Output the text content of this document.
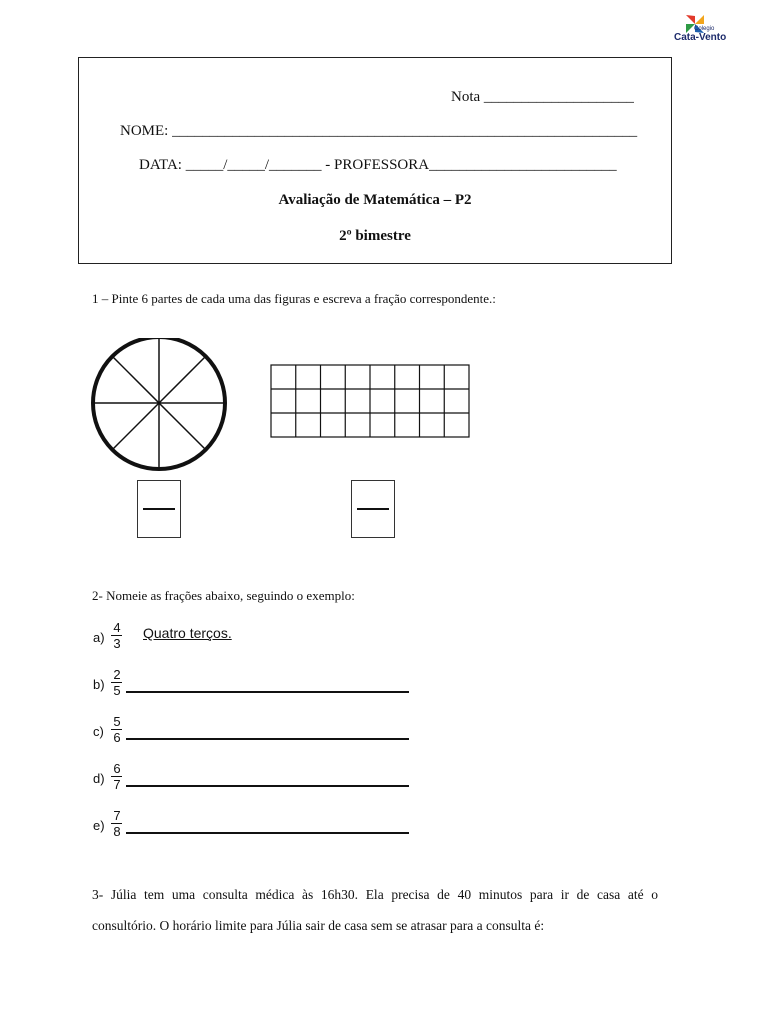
Colegio
Cata-Vento
Nota ____________________
NOME: ______________________________________________________________
DATA: _____/_____/_______ - PROFESSORA_________________________
Avaliação de Matemática – P2
2º bimestre
1 – Pinte 6 partes de cada uma das figuras e escreva a fração correspondente.:
2- Nomeie as frações abaixo, seguindo o exemplo:
a)
4
3
Quatro terços.
b)
2
5
c)
5
6
d)
6
7
e)
7
8
3- Júlia tem uma consulta médica às 16h30. Ela precisa de 40 minutos para ir de casa até o
consultório. O horário limite para Júlia sair de casa sem se atrasar para a consulta é:
